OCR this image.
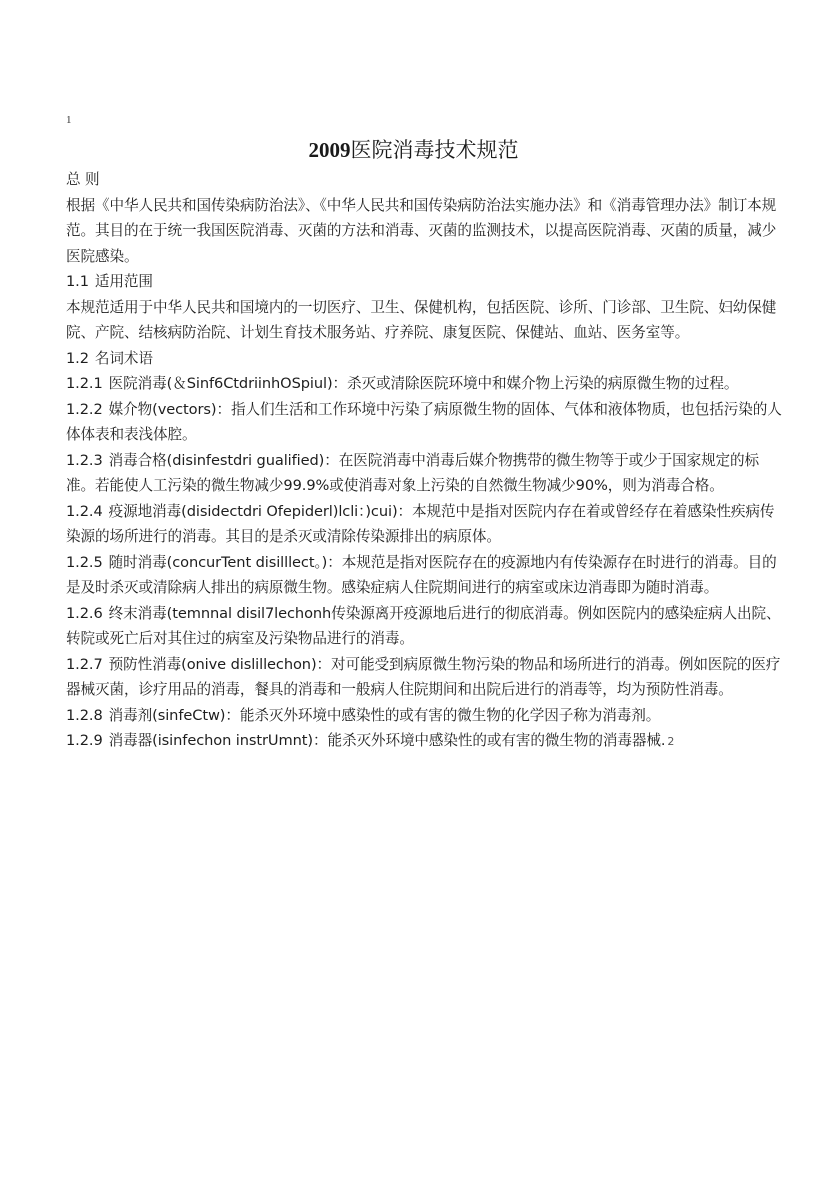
1
2009医院消毒技术规范

总 则

根据《中华人民共和国传染病防治法》、《中华人民共和国传染病防治法实施办法》和《消毒管理办法》制订本规范。其目的在于统一我国医院消毒、灭菌的方法和消毒、灭菌的监测技术，以提高医院消毒、灭菌的质量，减少医院感染。

1.1 适用范围

本规范适用于中华人民共和国境内的一切医疗、卫生、保健机构，包括医院、诊所、门诊部、卫生院、妇幼保健院、产院、结核病防治院、计划生育技术服务站、疗养院、康复医院、保健站、血站、医务室等。

1.2 名词术语

1.2.1 医院消毒(＆Sinf6CtdriinhOSpiul)：杀灭或清除医院环境中和媒介物上污染的病原微生物的过程。

1.2.2 媒介物(vectors)：指人们生活和工作环境中污染了病原微生物的固体、气体和液体物质，也包括污染的人体体表和表浅体腔。

1.2.3 消毒合格(disinfestdri gualified)：在医院消毒中消毒后媒介物携带的微生物等于或少于国家规定的标准。若能使人工污染的微生物减少99.9%或使消毒对象上污染的自然微生物减少90%，则为消毒合格。

1.2.4 疫源地消毒(disidectdri Ofepiderl)lcli：)cui)：本规范中是指对医院内存在着或曾经存在着感染性疾病传染源的场所进行的消毒。其目的是杀灭或清除传染源排出的病原体。

1.2.5 随时消毒(concurTent disilllect。)：本规范是指对医院存在的疫源地内有传染源存在时进行的消毒。目的是及时杀灭或清除病人排出的病原微生物。感染症病人住院期间进行的病室或床边消毒即为随时消毒。

1.2.6 终末消毒(temnnal disil7lechonh传染源离开疫源地后进行的彻底消毒。例如医院内的感染症病人出院、转院或死亡后对其住过的病室及污染物品进行的消毒。

1.2.7 预防性消毒(onive dislillechon)：对可能受到病原微生物污染的物品和场所进行的消毒。例如医院的医疗器械灭菌，诊疗用品的消毒，餐具的消毒和一般病人住院期间和出院后进行的消毒等，均为预防性消毒。

1.2.8 消毒剂(sinfeCtw)：能杀灭外环境中感染性的或有害的微生物的化学因子称为消毒剂。

1.2.9 消毒器(isinfechon instrUmnt)：能杀灭外环境中感染性的或有害的微生物的消毒器械. 2
